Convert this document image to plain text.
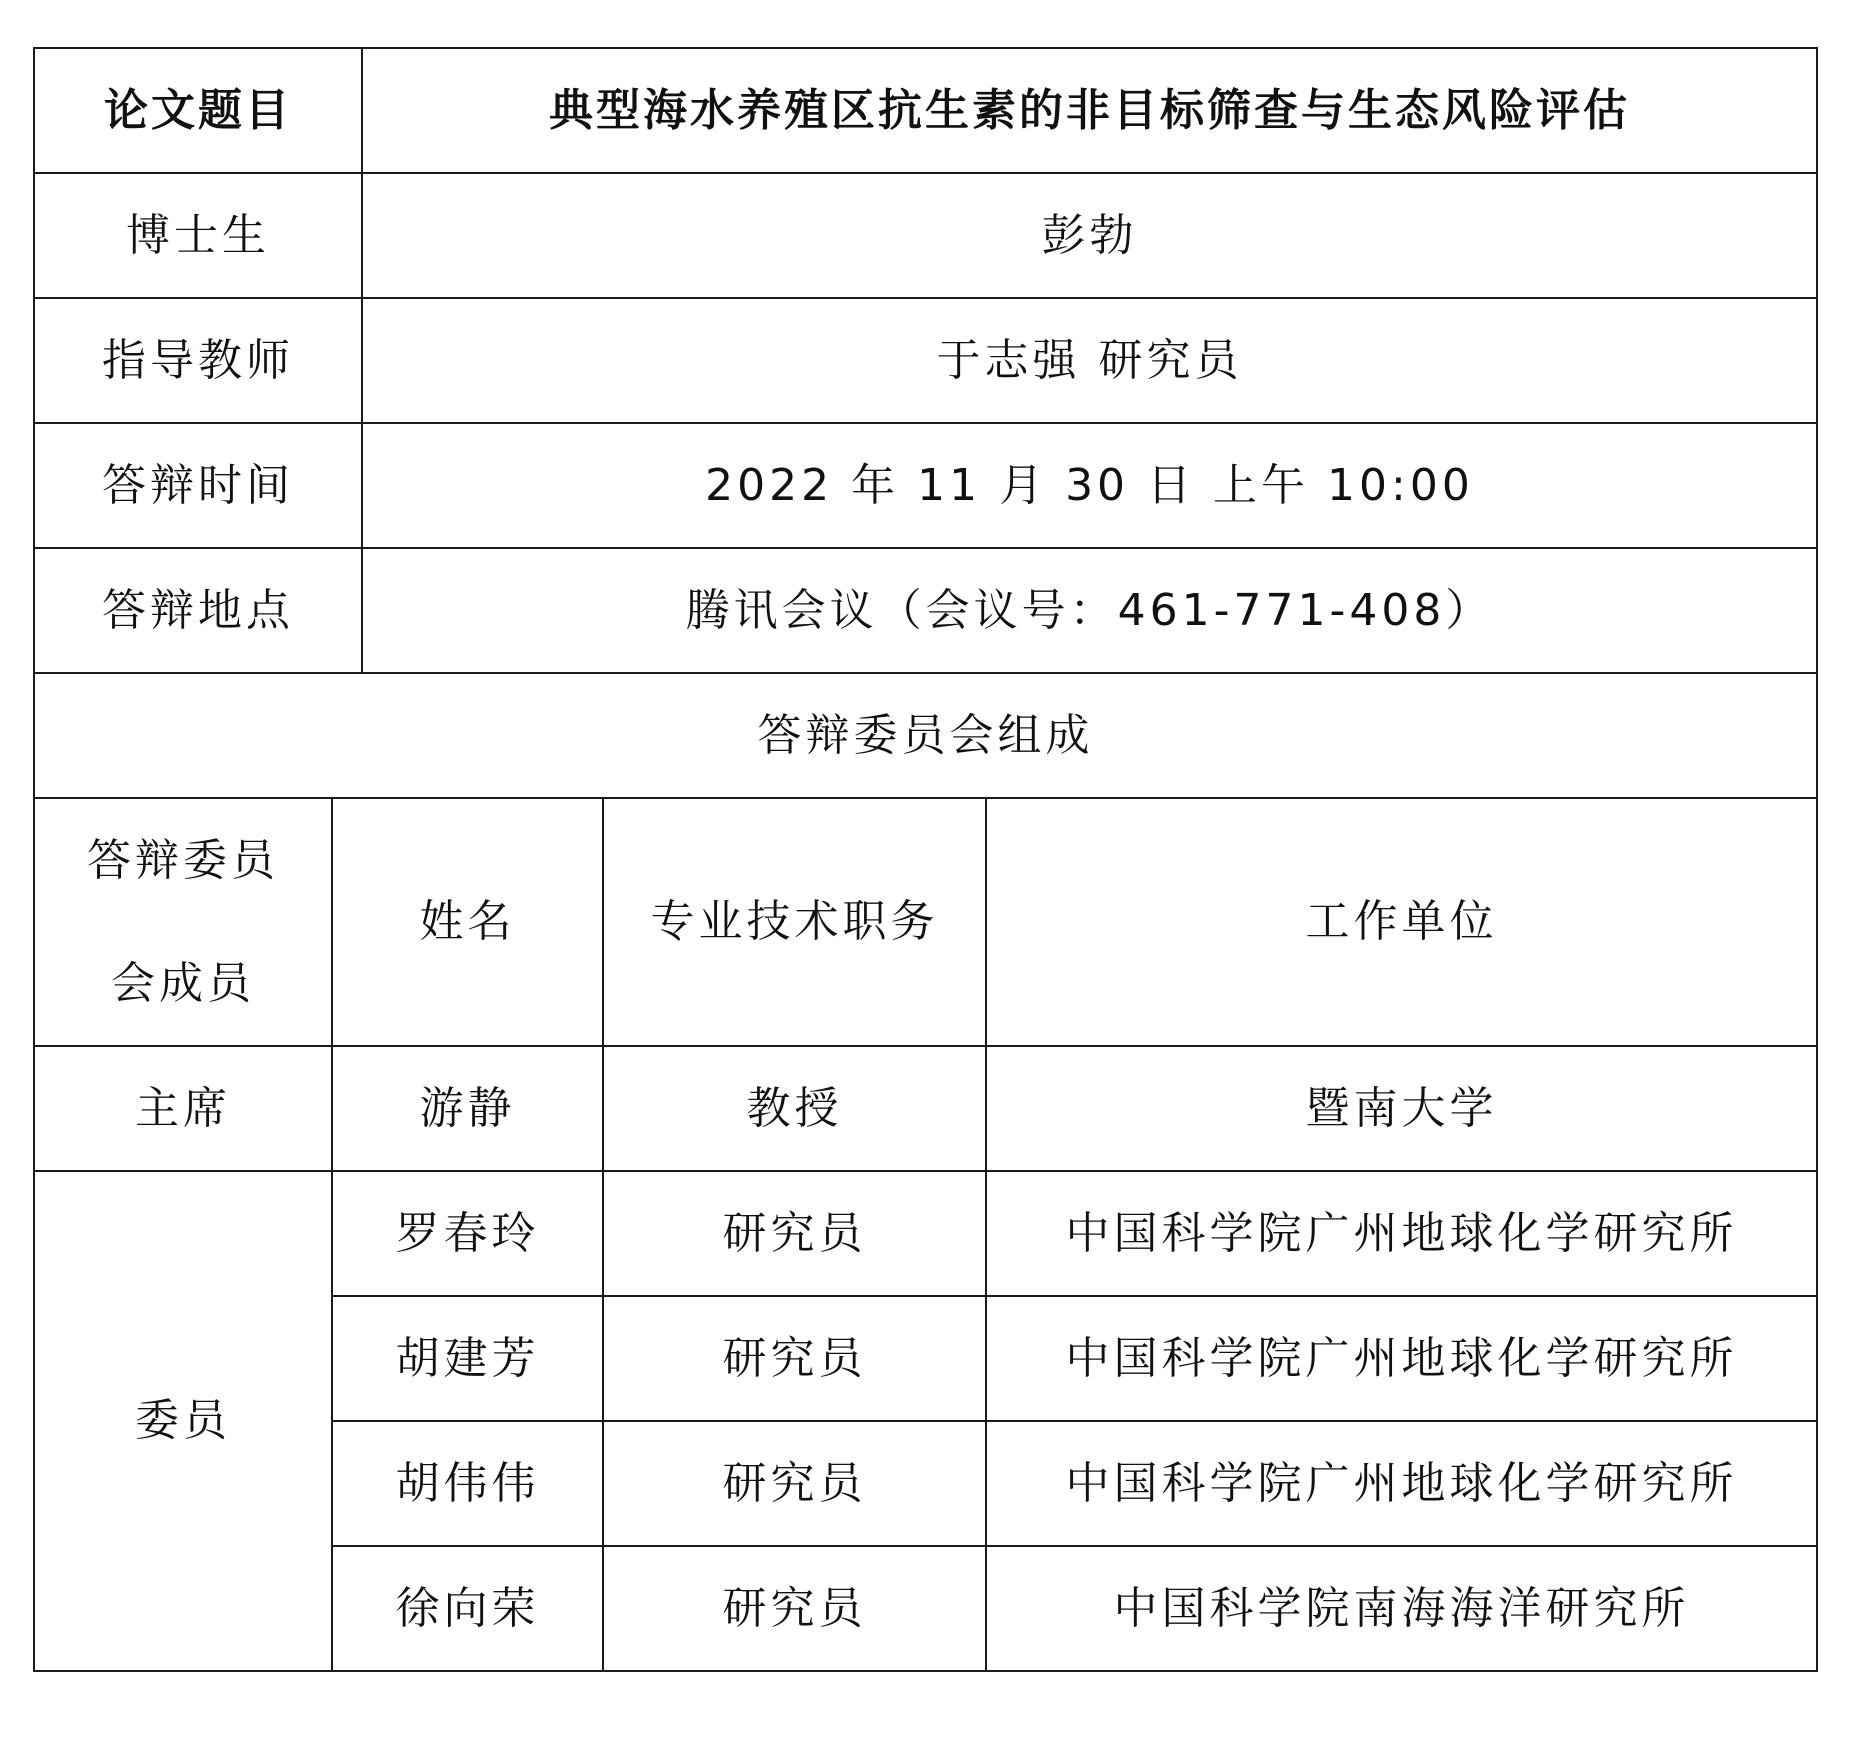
论文题目		典型海水养殖区抗生素的非目标筛查与生态风险评估		
博士生		彭勃		
指导教师		于志强 研究员		
答辩时间		2022 年 11 月 30 日 上午 10:00		
答辩地点		腾讯会议（会议号：461-771-408）		
答辩委员会组成				

答辩委员
会成员	姓名		专业技术职务	工作单位
主席	游静		教授	暨南大学
委员	罗春玲		研究员	中国科学院广州地球化学研究所
	胡建芳		研究员	中国科学院广州地球化学研究所
	胡伟伟		研究员	中国科学院广州地球化学研究所
	徐向荣		研究员	中国科学院南海海洋研究所
